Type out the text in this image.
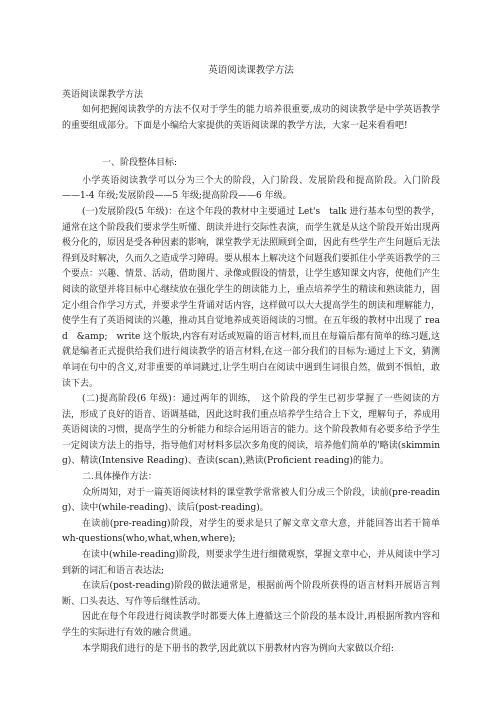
英语阅读课教学方法
英语阅读课教学方法

如何把握阅读教学的方法不仅对于学生的能力培养很重要,成功的阅读教学是中学英语教学的重要组成部分。下面是小编给大家提供的英语阅读课的教学方法，大家一起来看看吧!

一、阶段整体目标:

小学英语阅读教学可以分为三个大的阶段，入门阶段、发展阶段和提高阶段。入门阶段——1-4 年级;发展阶段——5 年级;提高阶段——6 年级。

(一)发展阶段(5 年级)：在这个年段的教材中主要通过 Let's　talk 进行基本句型的教学，通常在这个阶段我们要求学生听懂、朗读并进行交际性表演，而学生就是从这个阶段开始出现两极分化的，原因是受各种因素的影响，课堂教学无法照顾到全面，因此有些学生产生问题后无法得到及时解决，久而久之造成学习障碍。要从根本上解决这个问题我们要抓住小学英语教学的三个要点：兴趣、情景、活动，借助图片、录像或假设的情景，让学生感知课文内容，使他们产生阅读的欲望并将目标中心继续放在强化学生的朗读能力上，重点培养学生的精读和熟读能力，固定小组合作学习方式，并要求学生背诵对话内容，这样做可以大大提高学生的朗读和理解能力，使学生有了英语阅读的兴趣，推动其自觉地养成英语阅读的习惯。在五年级的教材中出现了 read　&amp;　write 这个版块,内容有对话或短篇的语言材料,而且在每篇后都有简单的练习题,这就是编者正式提供给我们进行阅读教学的语言材料,在这一部分我们的目标为:通过上下文，猜测单词在句中的含义,对非重要的单词跳过,让学生明白在阅读中遇到生词很自然，做到不惧怕，敢读下去。

(二)提高阶段(6 年级)：通过两年的训练，　这个阶段的学生已初步掌握了一些阅读的方法，形成了良好的语音、语调基础，因此这时我们重点培养学生结合上下文，理解句子，养成用英语阅读的习惯，提高学生的分析能力和综合运用语言的能力。这个阶段教师有必要多给予学生一定阅读方法上的指导，指导他们对材料多层次多角度的阅读，培养他们简单的'略读(skimming)、精读(Intensive Reading)、查读(scan),熟读(Proficient reading)的能力。

二.具体操作方法：

众所周知，对于一篇英语阅读材料的课堂教学常常被人们分成三个阶段，读前(pre-reading)、读中(while-reading)、读后(post-reading)。

在读前(pre-reading)阶段，对学生的要求是只了解文章文章大意，并能回答出若干简单 wh-questions(who,what,when,where);

在读中(while-reading)阶段，则要求学生进行细微观察，掌握文章中心，并从阅读中学习到新的词汇和语言表达法;

在读后(post-reading)阶段的做法通常是，根据前两个阶段所获得的语言材料开展语言判断、口头表达、写作等后继性活动。

因此在每个年段进行阅读教学时都要大体上遵循这三个阶段的基本设计,再根据所教内容和学生的实际进行有效的融合贯通。

本学期我们进行的是下册书的教学,因此就以下册教材内容为例向大家做以介绍:
